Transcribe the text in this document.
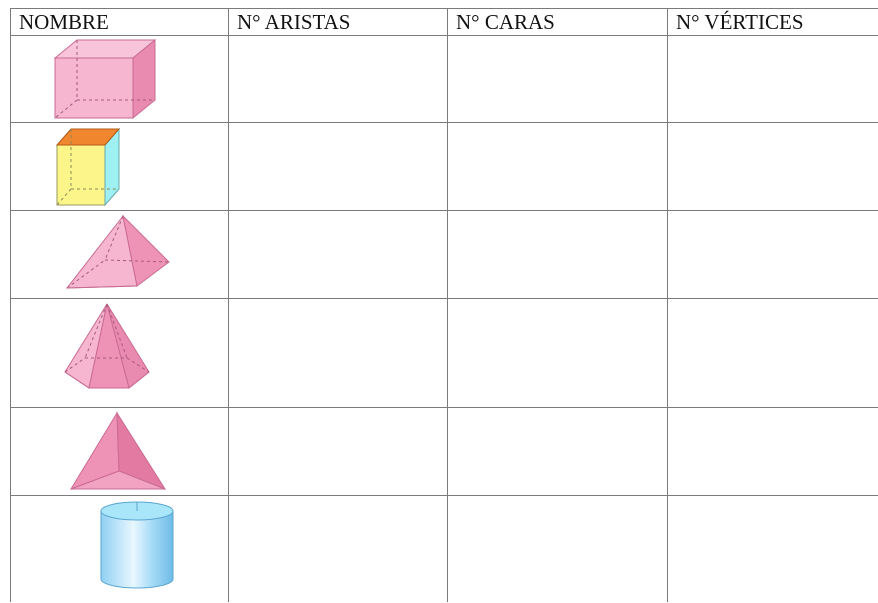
NOMBRE	N° ARISTAS	N° CARAS	N° VÉRTICES
